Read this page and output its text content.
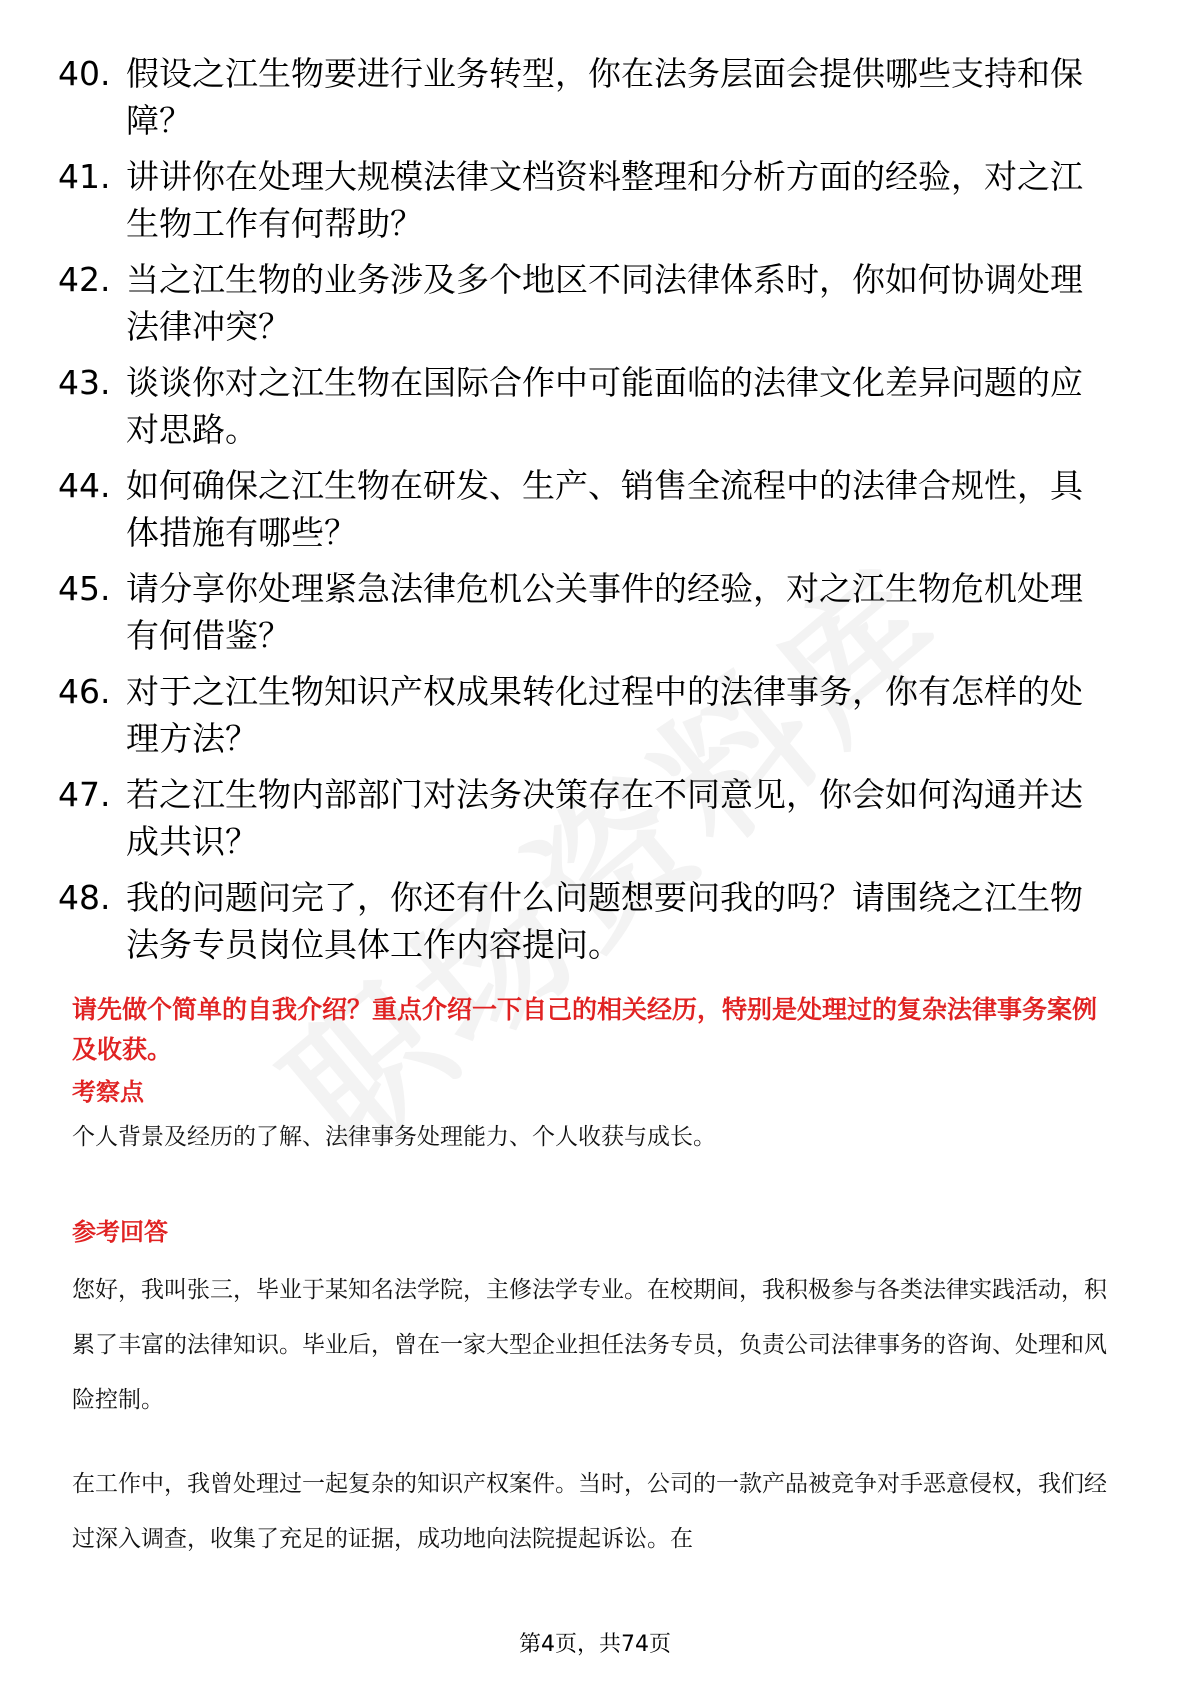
40. 假设之江生物要进行业务转型，你在法务层面会提供哪些支持和保障？
41. 讲讲你在处理大规模法律文档资料整理和分析方面的经验，对之江生物工作有何帮助？
42. 当之江生物的业务涉及多个地区不同法律体系时，你如何协调处理法律冲突？
43. 谈谈你对之江生物在国际合作中可能面临的法律文化差异问题的应对思路。
44. 如何确保之江生物在研发、生产、销售全流程中的法律合规性，具体措施有哪些？
45. 请分享你处理紧急法律危机公关事件的经验，对之江生物危机处理有何借鉴？
46. 对于之江生物知识产权成果转化过程中的法律事务，你有怎样的处理方法？
47. 若之江生物内部部门对法务决策存在不同意见，你会如何沟通并达成共识？
48. 我的问题问完了，你还有什么问题想要问我的吗？请围绕之江生物法务专员岗位具体工作内容提问。
请先做个简单的自我介绍？重点介绍一下自己的相关经历，特别是处理过的复杂法律事务案例及收获。
考察点
个人背景及经历的了解、法律事务处理能力、个人收获与成长。
参考回答
您好，我叫张三，毕业于某知名法学院，主修法学专业。在校期间，我积极参与各类法律实践活动，积累了丰富的法律知识。毕业后，曾在一家大型企业担任法务专员，负责公司法律事务的咨询、处理和风险控制。
在工作中，我曾处理过一起复杂的知识产权案件。当时，公司的一款产品被竞争对手恶意侵权，我们经过深入调查，收集了充足的证据，成功地向法院提起诉讼。在
第4页，共74页
